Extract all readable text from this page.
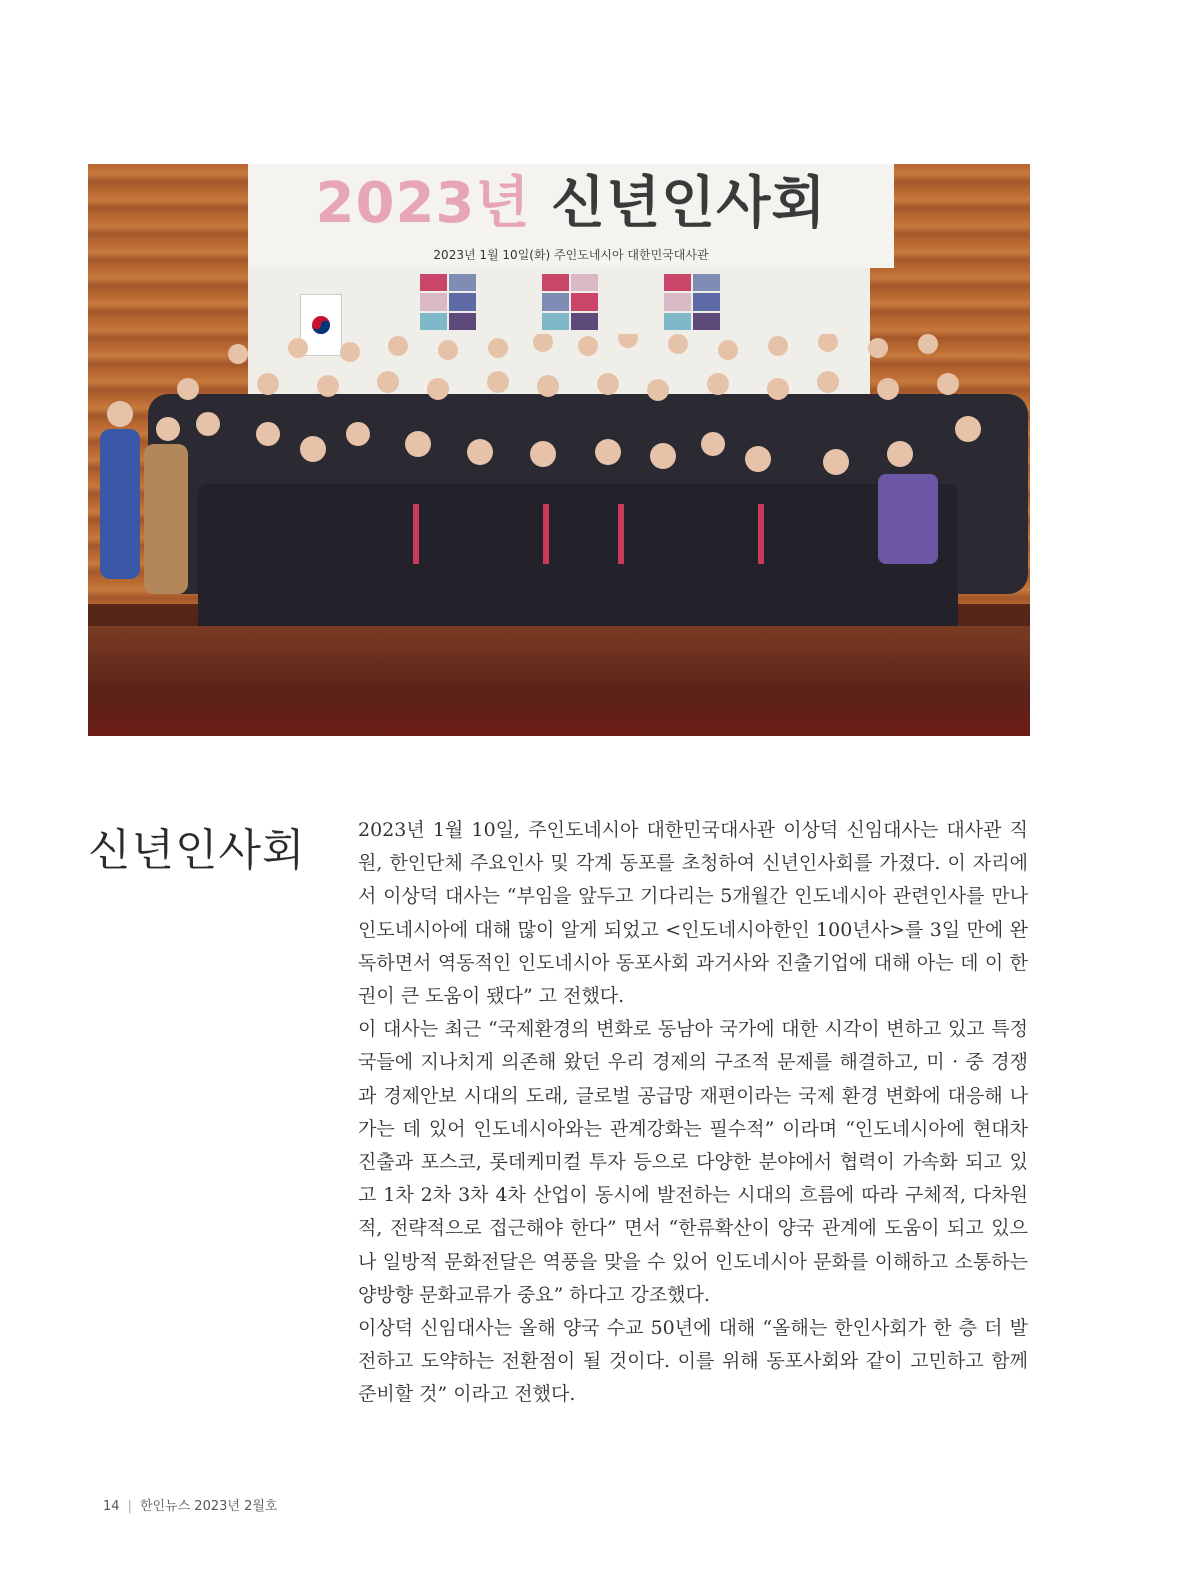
2023년 신년인사회
2023년 1월 10일(화) 주인도네시아 대한민국대사관
신년인사회	2023년 1월 10일, 주인도네시아 대한민국대사관 이상덕 신임대사는 대사관 직원, 한인단체 주요인사 및 각계 동포를 초청하여 신년인사회를 가졌다. 이 자리에서 이상덕 대사는 “부임을 앞두고 기다리는 5개월간 인도네시아 관련인사를 만나 인도네시아에 대해 많이 알게 되었고 <인도네시아한인 100년사>를 3일 만에 완독하면서 역동적인 인도네시아 동포사회 과거사와 진출기업에 대해 아는 데 이 한 권이 큰 도움이 됐다” 고 전했다.

이 대사는 최근 “국제환경의 변화로 동남아 국가에 대한 시각이 변하고 있고 특정국들에 지나치게 의존해 왔던 우리 경제의 구조적 문제를 해결하고, 미 · 중 경쟁과 경제안보 시대의 도래, 글로벌 공급망 재편이라는 국제 환경 변화에 대응해 나가는 데 있어 인도네시아와는 관계강화는 필수적” 이라며 “인도네시아에 현대차 진출과 포스코, 롯데케미컬 투자 등으로 다양한 분야에서 협력이 가속화 되고 있고 1차 2차 3차 4차 산업이 동시에 발전하는 시대의 흐름에 따라 구체적, 다차원적, 전략적으로 접근해야 한다” 면서 “한류확산이 양국 관계에 도움이 되고 있으나 일방적 문화전달은 역풍을 맞을 수 있어 인도네시아 문화를 이해하고 소통하는 양방향 문화교류가 중요” 하다고 강조했다.

이상덕 신임대사는 올해 양국 수교 50년에 대해 “올해는 한인사회가 한 층 더 발전하고 도약하는 전환점이 될 것이다. 이를 위해 동포사회와 같이 고민하고 함께 준비할 것” 이라고 전했다.

14 | 한인뉴스 2023년 2월호
